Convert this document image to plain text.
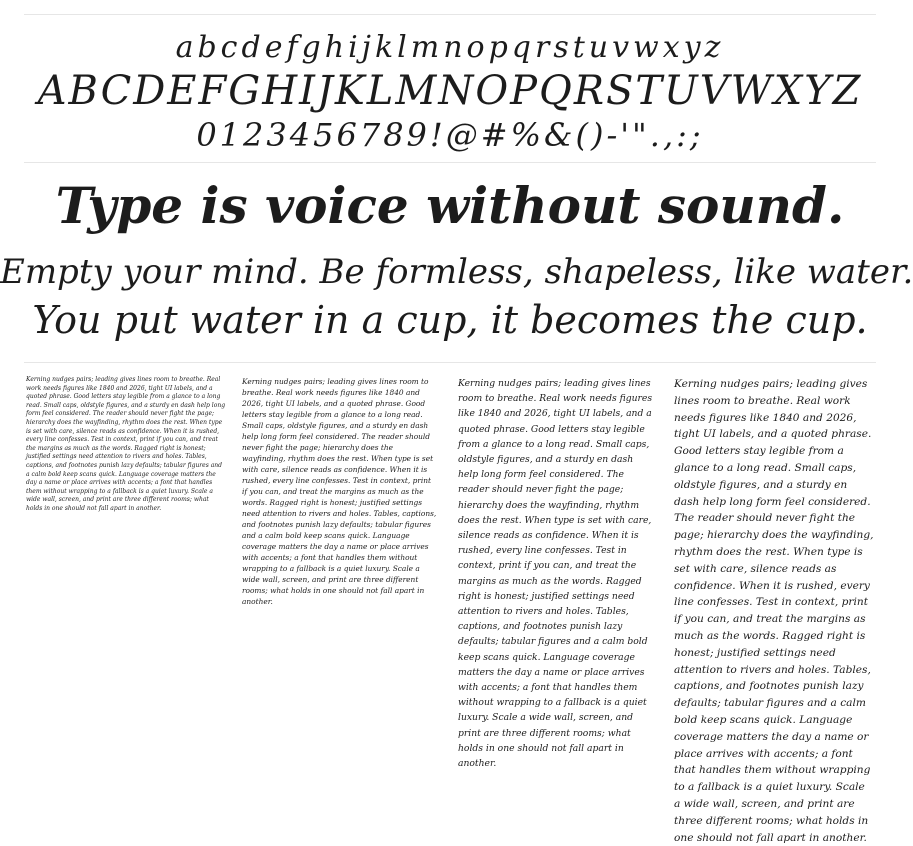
abcdefghijklmnopqrstuvwxyz
ABCDEFGHIJKLMNOPQRSTUVWXYZ
0123456789!@#%&()-'".,:;
Type is voice without sound.
Empty your mind. Be formless, shapeless, like water.
You put water in a cup, it becomes the cup.
Kerning nudges pairs; leading gives lines room to breathe. Real work needs figures like 1840 and 2026, tight UI labels, and a quoted phrase. Good letters stay legible from a glance to a long read. Small caps, oldstyle figures, and a sturdy en dash help long form feel considered. The reader should never fight the page; hierarchy does the wayfinding, rhythm does the rest. When type is set with care, silence reads as confidence. When it is rushed, every line confesses. Test in context, print if you can, and treat the margins as much as the words. Ragged right is honest; justified settings need attention to rivers and holes. Tables, captions, and footnotes punish lazy defaults; tabular figures and a calm bold keep scans quick. Language coverage matters the day a name or place arrives with accents; a font that handles them without wrapping to a fallback is a quiet luxury. Scale a wide wall, screen, and print are three different rooms; what holds in one should not fall apart in another.
Kerning nudges pairs; leading gives lines room to breathe. Real work needs figures like 1840 and 2026, tight UI labels, and a quoted phrase. Good letters stay legible from a glance to a long read. Small caps, oldstyle figures, and a sturdy en dash help long form feel considered. The reader should never fight the page; hierarchy does the wayfinding, rhythm does the rest. When type is set with care, silence reads as confidence. When it is rushed, every line confesses. Test in context, print if you can, and treat the margins as much as the words. Ragged right is honest; justified settings need attention to rivers and holes. Tables, captions, and footnotes punish lazy defaults; tabular figures and a calm bold keep scans quick. Language coverage matters the day a name or place arrives with accents; a font that handles them without wrapping to a fallback is a quiet luxury. Scale a wide wall, screen, and print are three different rooms; what holds in one should not fall apart in another.
Kerning nudges pairs; leading gives lines room to breathe. Real work needs figures like 1840 and 2026, tight UI labels, and a quoted phrase. Good letters stay legible from a glance to a long read. Small caps, oldstyle figures, and a sturdy en dash help long form feel considered. The reader should never fight the page; hierarchy does the wayfinding, rhythm does the rest. When type is set with care, silence reads as confidence. When it is rushed, every line confesses. Test in context, print if you can, and treat the margins as much as the words. Ragged right is honest; justified settings need attention to rivers and holes. Tables, captions, and footnotes punish lazy defaults; tabular figures and a calm bold keep scans quick. Language coverage matters the day a name or place arrives with accents; a font that handles them without wrapping to a fallback is a quiet luxury. Scale a wide wall, screen, and print are three different rooms; what holds in one should not fall apart in another.
Kerning nudges pairs; leading gives lines room to breathe. Real work needs figures like 1840 and 2026, tight UI labels, and a quoted phrase. Good letters stay legible from a glance to a long read. Small caps, oldstyle figures, and a sturdy en dash help long form feel considered. The reader should never fight the page; hierarchy does the wayfinding, rhythm does the rest. When type is set with care, silence reads as confidence. When it is rushed, every line confesses. Test in context, print if you can, and treat the margins as much as the words. Ragged right is honest; justified settings need attention to rivers and holes. Tables, captions, and footnotes punish lazy defaults; tabular figures and a calm bold keep scans quick. Language coverage matters the day a name or place arrives with accents; a font that handles them without wrapping to a fallback is a quiet luxury. Scale a wide wall, screen, and print are three different rooms; what holds in one should not fall apart in another.
